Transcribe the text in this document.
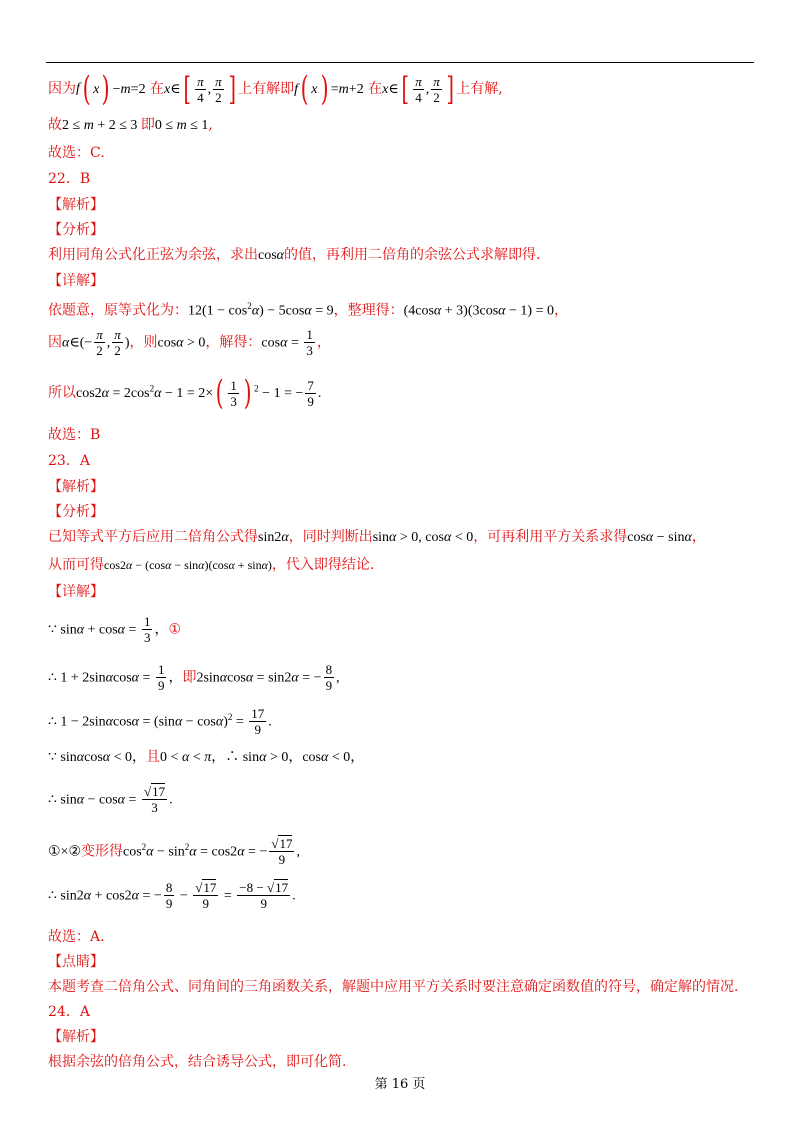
因为f( x) −m=2 在x∈[ $\frac{\pi}{4}$ , $\frac{\pi}{2}$ ] 上有解即f( x) =m+2 在x∈[ $\frac{\pi}{4}$ , $\frac{\pi}{2}$ ] 上有解,
故2 ≤ m + 2 ≤ 3 即0 ≤ m ≤ 1,
故选：C.
22．B
【解析】
【分析】
利用同角公式化正弦为余弦，求出cosα的值，再利用二倍角的余弦公式求解即得.
【详解】
依题意，原等式化为：$12(1 - \cos^2\alpha) - 5\cos\alpha = 9$，整理得：(4cosα + 3)(3cosα − 1) = 0，
因α∈(− $\frac{\pi}{2}$ , $\frac{\pi}{2}$ )，则cosα > 0，解得：$\cos\alpha = \frac{1}{3}$ ，
所以$\cos 2\alpha = 2\cos^2\alpha - 1 = 2\times( \frac{1}{3}$ ) $^2$ − 1 = − $\frac{7}{9}$ .
故选：B
23．A
【解析】
【分析】
已知等式平方后应用二倍角公式得sin2α，同时判断出sinα > 0, cosα < 0，可再利用平方关系求得cosα − sinα，
从而可得cos2α − (cosα − sinα)(cosα + sinα)，代入即得结论.
【详解】
∵ $\sin\alpha + \cos\alpha = \frac{1}{3}$ ，①
∴ $1 + 2\sin\alpha\cos\alpha = \frac{1}{9}$ ，即2sinαcosα = sin2α = − $\frac{8}{9}$ ,
∴ $1 - 2\sin\alpha\cos\alpha = (\sin\alpha - \cos\alpha)^2 = \frac{17}{9}$ .
∵ sinαcosα < 0，且0 < α < π，∴ sinα > 0，cosα < 0，
∴ $\sin\alpha - \cos\alpha = \frac{√17}{3}$ .
①×②变形得$\cos^2\alpha - \sin^2\alpha = \cos 2\alpha$ = − $\frac{√17}{9}$ ,
∴ sin2α + cos2α = − $\frac{8}{9} - \frac{√17}{9} = \frac{-8 - √17}{9}$ .
故选：A.
【点睛】
本题考查二倍角公式、同角间的三角函数关系，解题中应用平方关系时要注意确定函数值的符号，确定解的情况.
24．A
【解析】
根据余弦的倍角公式，结合诱导公式，即可化简.
第 16 页
